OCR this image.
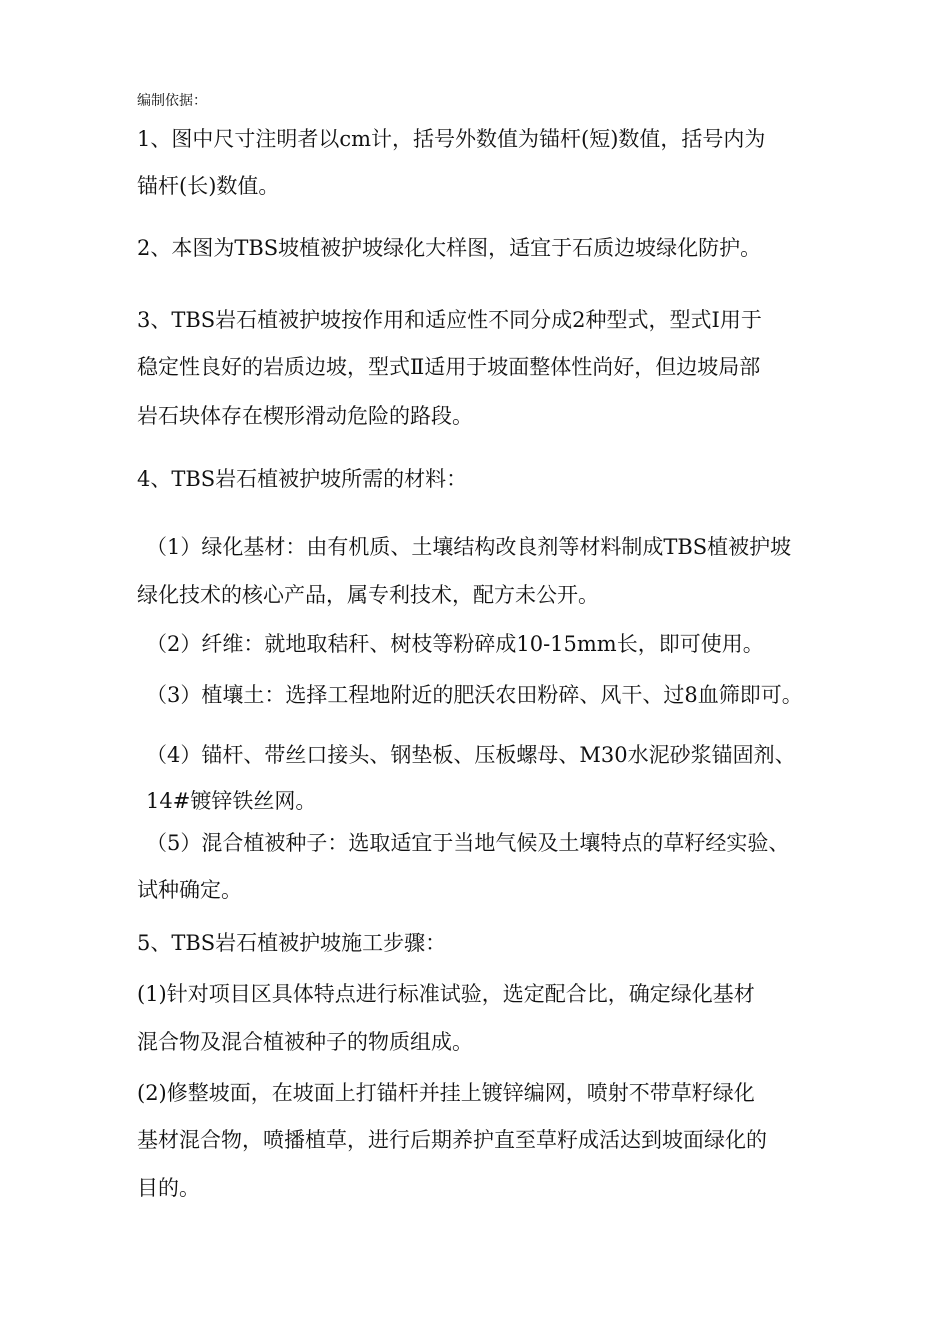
编制依据：
1、图中尺寸注明者以cm计，括号外数值为锚杆(短)数值，括号内为
锚杆(长)数值。
2、本图为TBS坡植被护坡绿化大样图，适宜于石质边坡绿化防护。
3、TBS岩石植被护坡按作用和适应性不同分成2种型式，型式Ⅰ用于
稳定性良好的岩质边坡，型式Ⅱ适用于坡面整体性尚好，但边坡局部
岩石块体存在楔形滑动危险的路段。
4、TBS岩石植被护坡所需的材料：
（1）绿化基材：由有机质、土壤结构改良剂等材料制成TBS植被护坡
绿化技术的核心产品，属专利技术，配方未公开。
（2）纤维：就地取秸秆、树枝等粉碎成10-15mm长，即可使用。
（3）植壤土：选择工程地附近的肥沃农田粉碎、风干、过8血筛即可。
（4）锚杆、带丝口接头、钢垫板、压板螺母、M30水泥砂浆锚固剂、14#镀锌铁丝网。
（5）混合植被种子：选取适宜于当地气候及土壤特点的草籽经实验、
试种确定。
5、TBS岩石植被护坡施工步骤：
(1)针对项目区具体特点进行标准试验，选定配合比，确定绿化基材
混合物及混合植被种子的物质组成。
(2)修整坡面，在坡面上打锚杆并挂上镀锌编网，喷射不带草籽绿化
基材混合物，喷播植草，进行后期养护直至草籽成活达到坡面绿化的
目的。
